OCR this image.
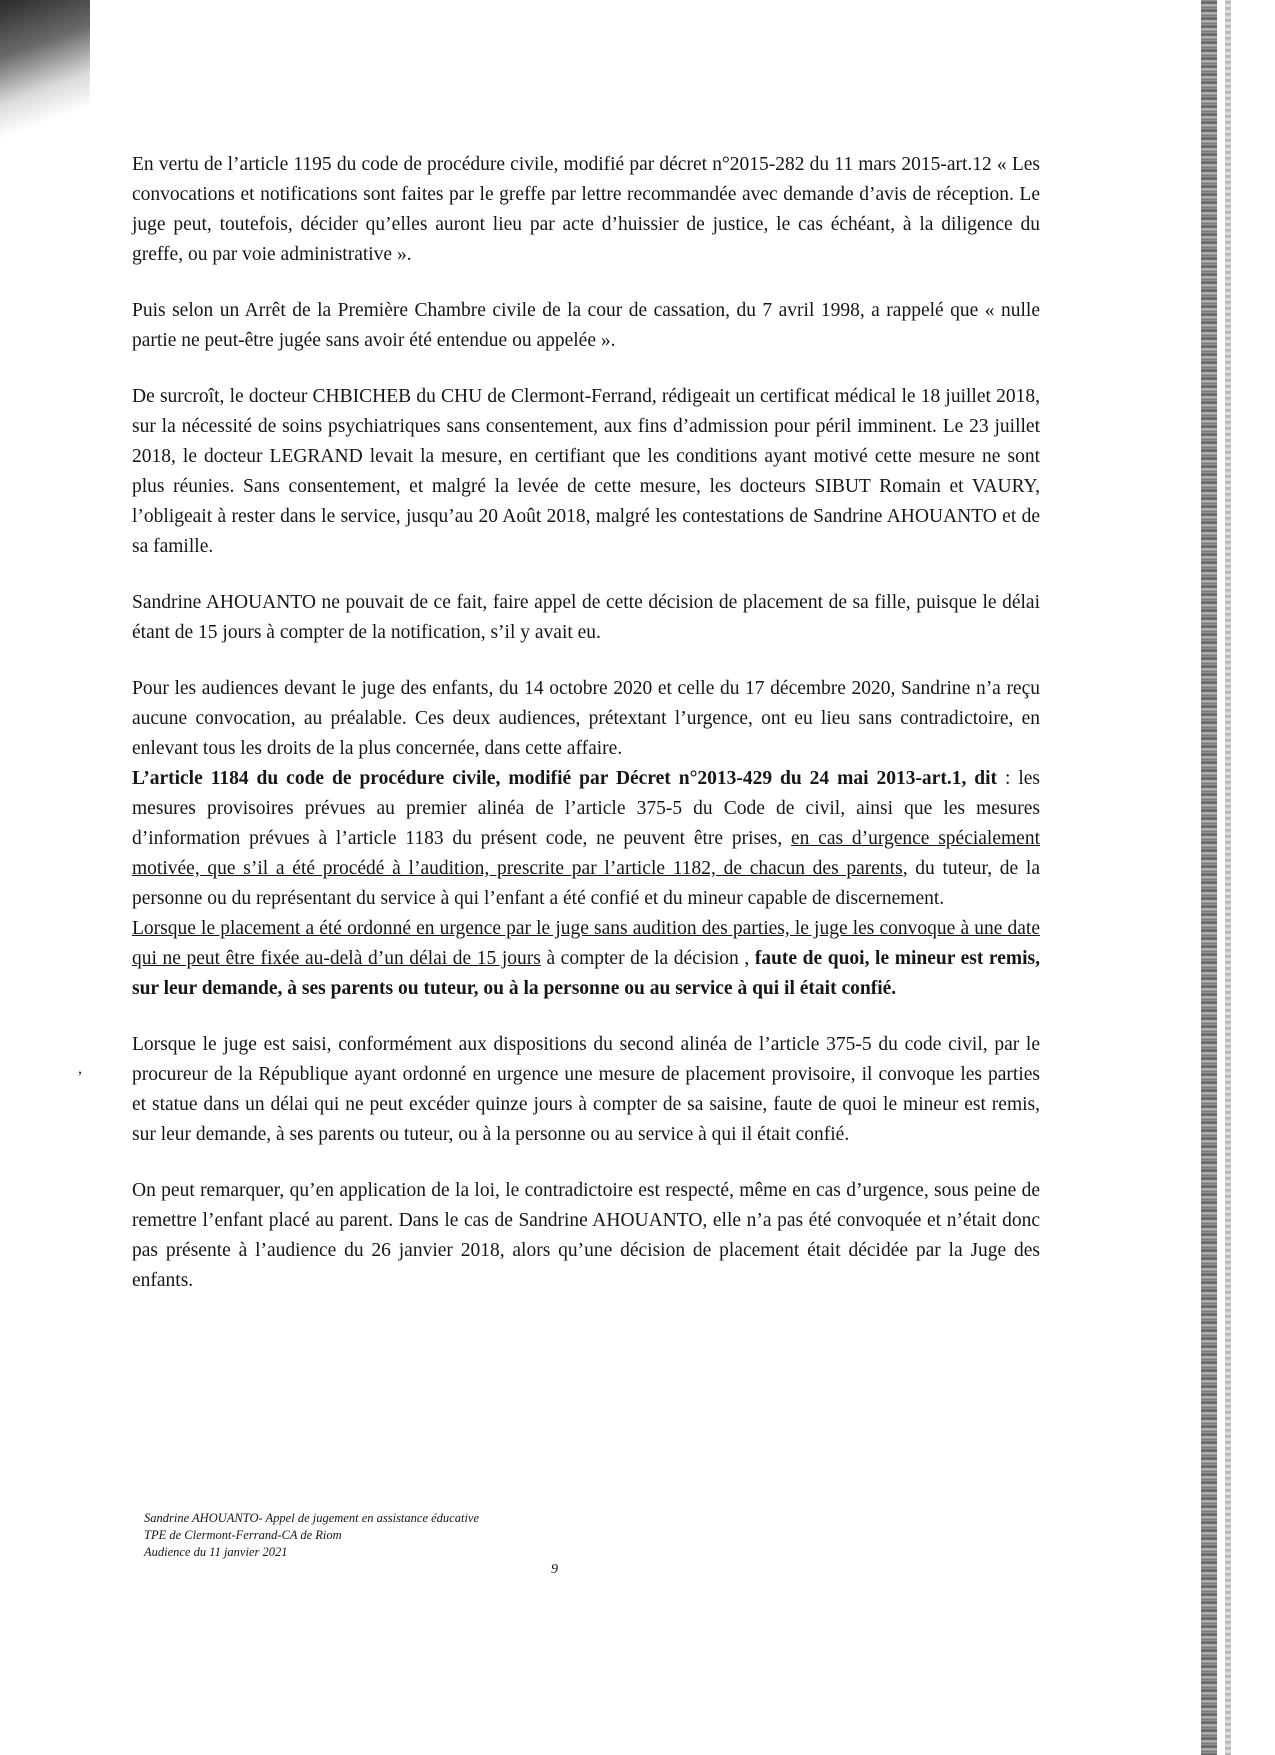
,

En vertu de l’article 1195 du code de procédure civile, modifié par décret n°2015-282 du 11 mars 2015-art.12 « Les convocations et notifications sont faites par le greffe par lettre recommandée avec demande d’avis de réception. Le juge peut, toutefois, décider qu’elles auront lieu par acte d’huissier de justice, le cas échéant, à la diligence du greffe, ou par voie administrative ».

Puis selon un Arrêt de la Première Chambre civile de la cour de cassation, du 7 avril 1998, a rappelé que « nulle partie ne peut-être jugée sans avoir été entendue ou appelée ».

De surcroît, le docteur CHBICHEB du CHU de Clermont-Ferrand, rédigeait un certificat médical le 18 juillet 2018, sur la nécessité de soins psychiatriques sans consentement, aux fins d’admission pour péril imminent. Le 23 juillet 2018, le docteur LEGRAND levait la mesure, en certifiant que les conditions ayant motivé cette mesure ne sont plus réunies. Sans consentement, et malgré la levée de cette mesure, les docteurs SIBUT Romain et VAURY, l’obligeait à rester dans le service, jusqu’au 20 Août 2018, malgré les contestations de Sandrine AHOUANTO et de sa famille.

Sandrine AHOUANTO ne pouvait de ce fait, faire appel de cette décision de placement de sa fille, puisque le délai étant de 15 jours à compter de la notification, s’il y avait eu.

Pour les audiences devant le juge des enfants, du 14 octobre 2020 et celle du 17 décembre 2020, Sandrine n’a reçu aucune convocation, au préalable. Ces deux audiences, prétextant l’urgence, ont eu lieu sans contradictoire, en enlevant tous les droits de la plus concernée, dans cette affaire.

L’article 1184 du code de procédure civile, modifié par Décret n°2013-429 du 24 mai 2013-art.1, dit : les mesures provisoires prévues au premier alinéa de l’article 375-5 du Code de civil, ainsi que les mesures d’information prévues à l’article 1183 du présent code, ne peuvent être prises, en cas d’urgence spécialement motivée, que s’il a été procédé à l’audition, prescrite par l’article 1182, de chacun des parents, du tuteur, de la personne ou du représentant du service à qui l’enfant a été confié et du mineur capable de discernement.

Lorsque le placement a été ordonné en urgence par le juge sans audition des parties, le juge les convoque à une date qui ne peut être fixée au-delà d’un délai de 15 jours à compter de la décision , faute de quoi, le mineur est remis, sur leur demande, à ses parents ou tuteur, ou à la personne ou au service à qui il était confié.

Lorsque le juge est saisi, conformément aux dispositions du second alinéa de l’article 375-5 du code civil, par le procureur de la République ayant ordonné en urgence une mesure de placement provisoire, il convoque les parties et statue dans un délai qui ne peut excéder quinze jours à compter de sa saisine, faute de quoi le mineur est remis, sur leur demande, à ses parents ou tuteur, ou à la personne ou au service à qui il était confié.

On peut remarquer, qu’en application de la loi, le contradictoire est respecté, même en cas d’urgence, sous peine de remettre l’enfant placé au parent. Dans le cas de Sandrine AHOUANTO, elle n’a pas été convoquée et n’était donc pas présente à l’audience du 26 janvier 2018, alors qu’une décision de placement était décidée par la Juge des enfants.

Sandrine AHOUANTO- Appel de jugement en assistance éducative
TPE de Clermont-Ferrand-CA de Riom
Audience du 11 janvier 2021
9
